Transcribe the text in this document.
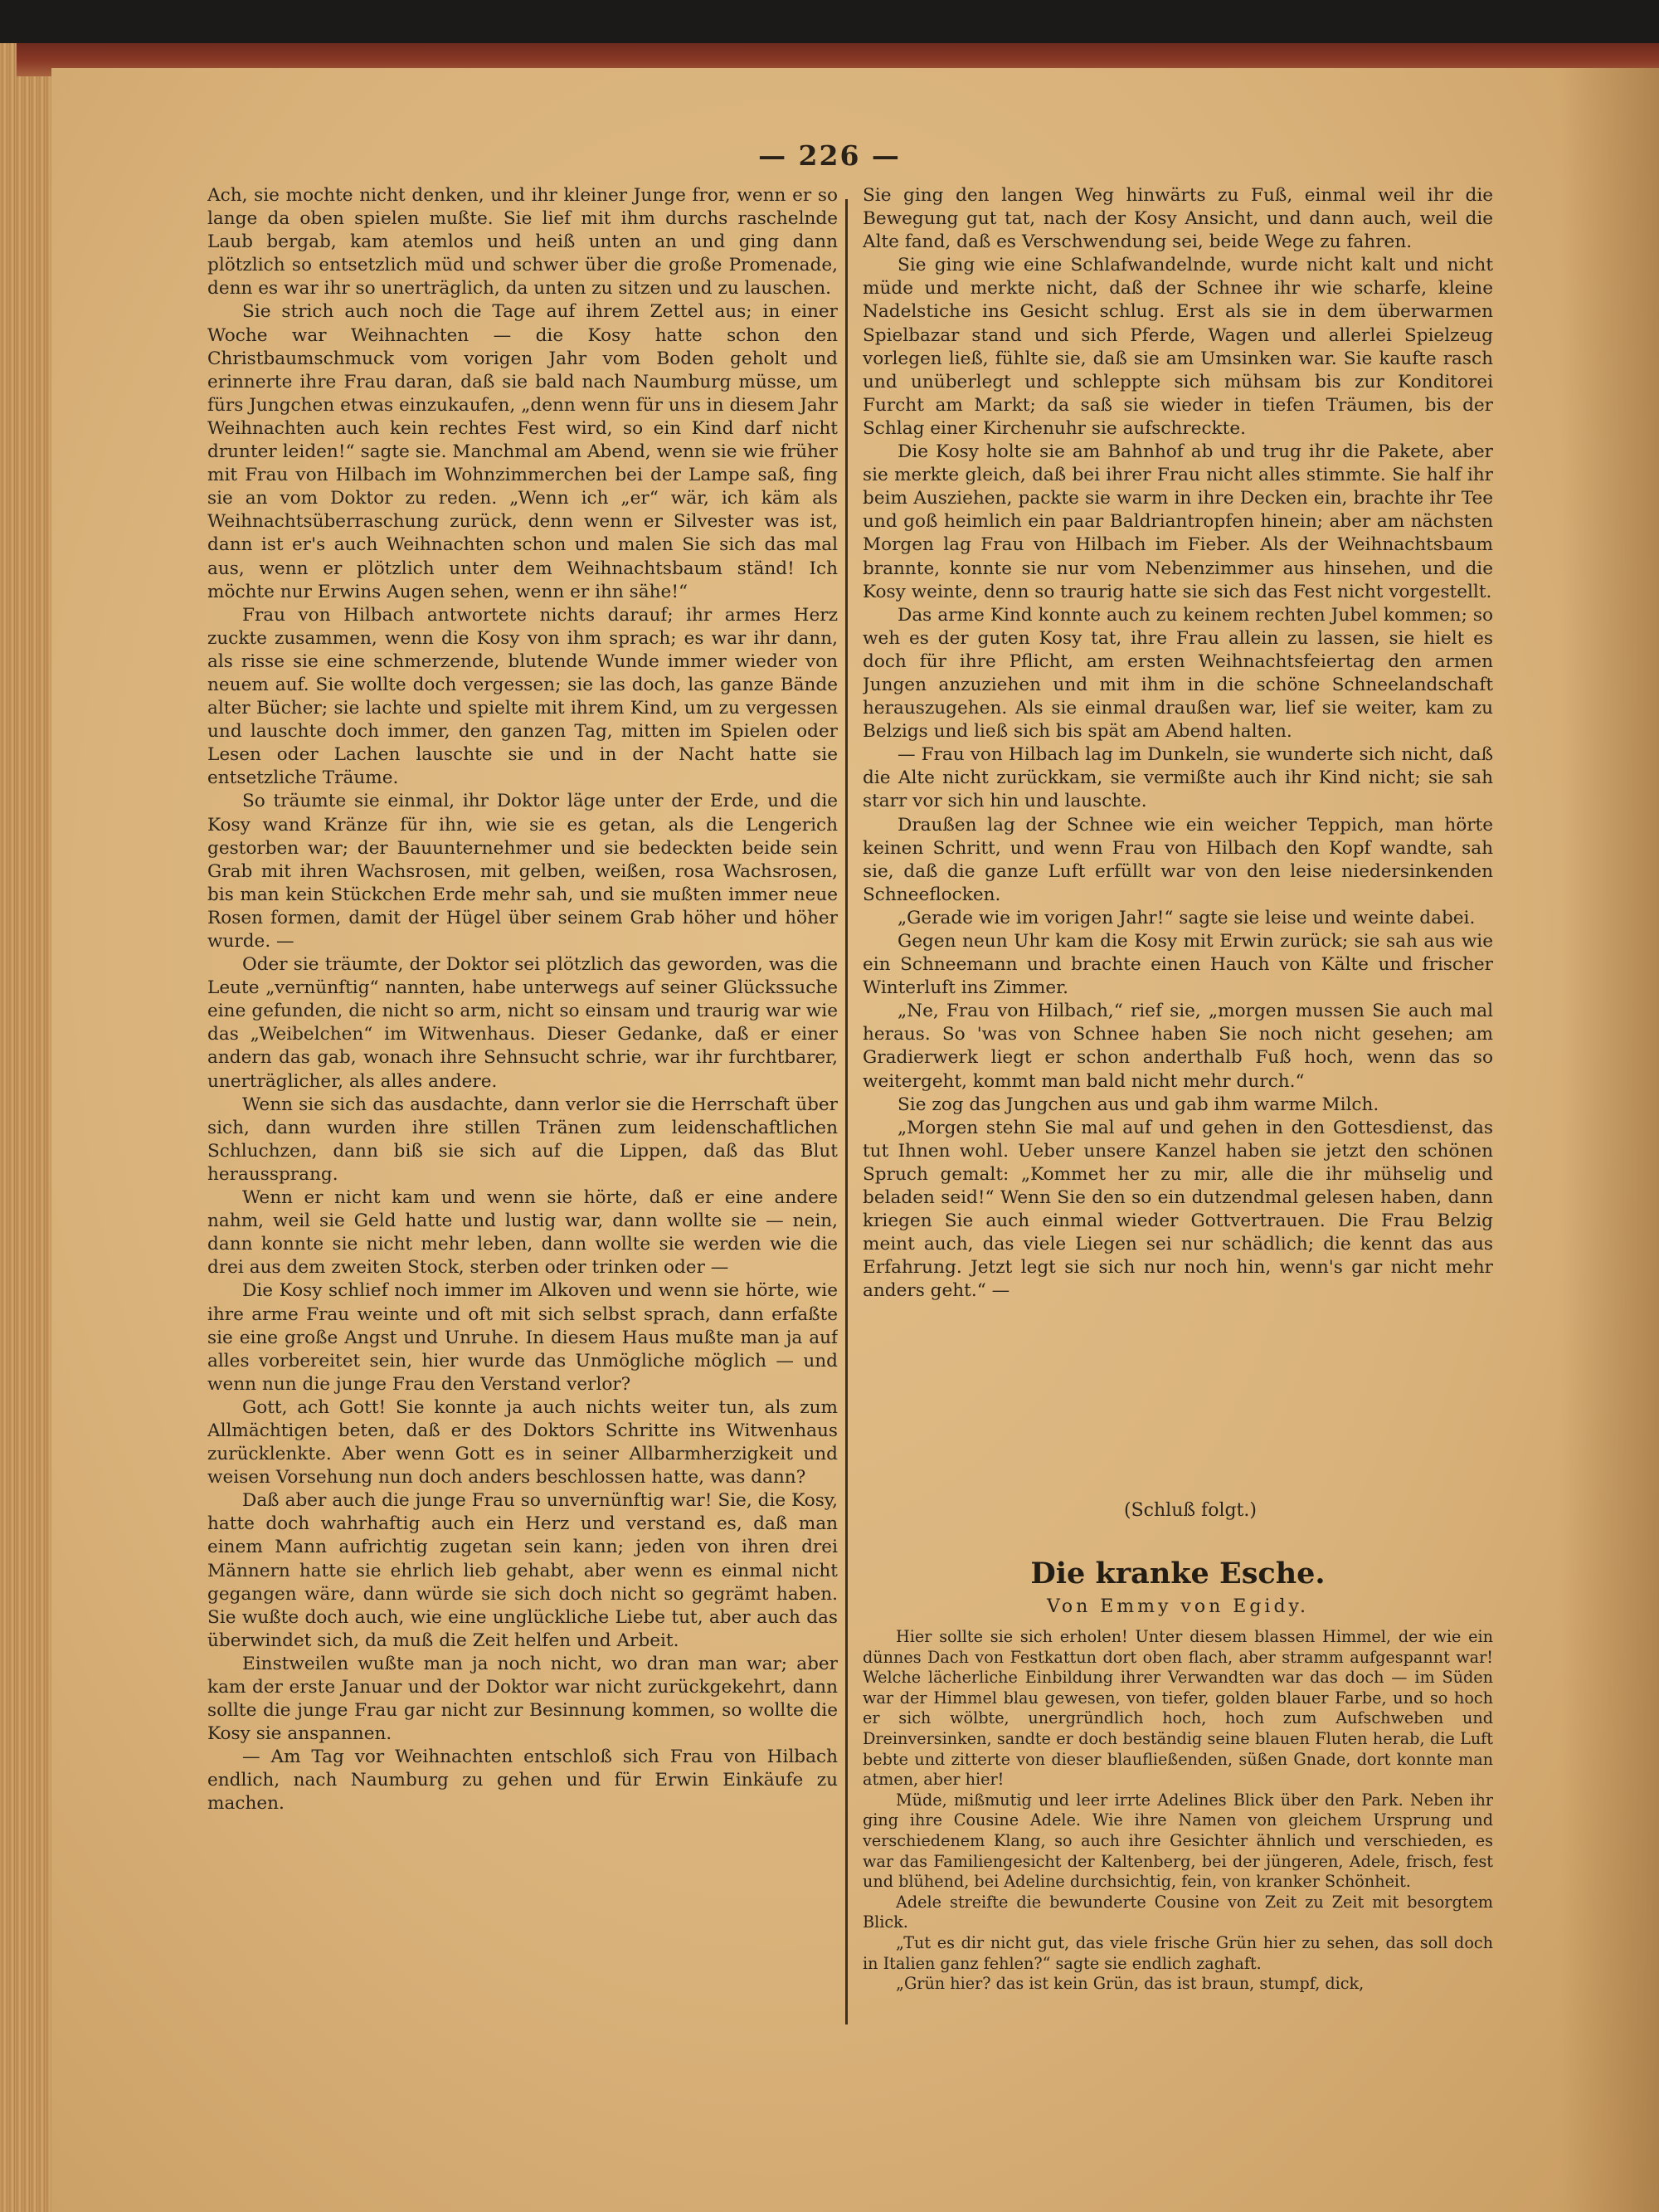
— 226 —

Ach, sie mochte nicht denken, und ihr kleiner Junge fror, wenn er so lange da oben spielen mußte. Sie lief mit ihm durchs raschelnde Laub bergab, kam atemlos und heiß unten an und ging dann plötzlich so entsetzlich müd und schwer über die große Promenade, denn es war ihr so unerträglich, da unten zu sitzen und zu lauschen.

Sie strich auch noch die Tage auf ihrem Zettel aus; in einer Woche war Weihnachten — die Kosy hatte schon den Christbaumschmuck vom vorigen Jahr vom Boden geholt und erinnerte ihre Frau daran, daß sie bald nach Naumburg müsse, um fürs Jungchen etwas einzukaufen, „denn wenn für uns in diesem Jahr Weihnachten auch kein rechtes Fest wird, so ein Kind darf nicht drunter leiden!“ sagte sie. Manchmal am Abend, wenn sie wie früher mit Frau von Hilbach im Wohnzimmerchen bei der Lampe saß, fing sie an vom Doktor zu reden. „Wenn ich „er“ wär, ich käm als Weihnachtsüberraschung zurück, denn wenn er Silvester was ist, dann ist er's auch Weihnachten schon und malen Sie sich das mal aus, wenn er plötzlich unter dem Weihnachtsbaum ständ! Ich möchte nur Erwins Augen sehen, wenn er ihn sähe!“

Frau von Hilbach antwortete nichts darauf; ihr armes Herz zuckte zusammen, wenn die Kosy von ihm sprach; es war ihr dann, als risse sie eine schmerzende, blutende Wunde immer wieder von neuem auf. Sie wollte doch vergessen; sie las doch, las ganze Bände alter Bücher; sie lachte und spielte mit ihrem Kind, um zu vergessen und lauschte doch immer, den ganzen Tag, mitten im Spielen oder Lesen oder Lachen lauschte sie und in der Nacht hatte sie entsetzliche Träume.

So träumte sie einmal, ihr Doktor läge unter der Erde, und die Kosy wand Kränze für ihn, wie sie es getan, als die Lengerich gestorben war; der Bauunternehmer und sie bedeckten beide sein Grab mit ihren Wachsrosen, mit gelben, weißen, rosa Wachsrosen, bis man kein Stückchen Erde mehr sah, und sie mußten immer neue Rosen formen, damit der Hügel über seinem Grab höher und höher wurde. —

Oder sie träumte, der Doktor sei plötzlich das geworden, was die Leute „vernünftig“ nannten, habe unterwegs auf seiner Glückssuche eine gefunden, die nicht so arm, nicht so einsam und traurig war wie das „Weibelchen“ im Witwenhaus. Dieser Gedanke, daß er einer andern das gab, wonach ihre Sehnsucht schrie, war ihr furchtbarer, unerträglicher, als alles andere.

Wenn sie sich das ausdachte, dann verlor sie die Herrschaft über sich, dann wurden ihre stillen Tränen zum leidenschaftlichen Schluchzen, dann biß sie sich auf die Lippen, daß das Blut heraussprang.

Wenn er nicht kam und wenn sie hörte, daß er eine andere nahm, weil sie Geld hatte und lustig war, dann wollte sie — nein, dann konnte sie nicht mehr leben, dann wollte sie werden wie die drei aus dem zweiten Stock, sterben oder trinken oder —

Die Kosy schlief noch immer im Alkoven und wenn sie hörte, wie ihre arme Frau weinte und oft mit sich selbst sprach, dann erfaßte sie eine große Angst und Unruhe. In diesem Haus mußte man ja auf alles vorbereitet sein, hier wurde das Unmögliche möglich — und wenn nun die junge Frau den Verstand verlor?

Gott, ach Gott! Sie konnte ja auch nichts weiter tun, als zum Allmächtigen beten, daß er des Doktors Schritte ins Witwenhaus zurücklenkte. Aber wenn Gott es in seiner Allbarmherzigkeit und weisen Vorsehung nun doch anders beschlossen hatte, was dann?

Daß aber auch die junge Frau so unvernünftig war! Sie, die Kosy, hatte doch wahrhaftig auch ein Herz und verstand es, daß man einem Mann aufrichtig zugetan sein kann; jeden von ihren drei Männern hatte sie ehrlich lieb gehabt, aber wenn es einmal nicht gegangen wäre, dann würde sie sich doch nicht so gegrämt haben. Sie wußte doch auch, wie eine unglückliche Liebe tut, aber auch das überwindet sich, da muß die Zeit helfen und Arbeit.

Einstweilen wußte man ja noch nicht, wo dran man war; aber kam der erste Januar und der Doktor war nicht zurückgekehrt, dann sollte die junge Frau gar nicht zur Besinnung kommen, so wollte die Kosy sie anspannen.

— Am Tag vor Weihnachten entschloß sich Frau von Hilbach endlich, nach Naumburg zu gehen und für Erwin Einkäufe zu machen.

Sie ging den langen Weg hinwärts zu Fuß, einmal weil ihr die Bewegung gut tat, nach der Kosy Ansicht, und dann auch, weil die Alte fand, daß es Verschwendung sei, beide Wege zu fahren.

Sie ging wie eine Schlafwandelnde, wurde nicht kalt und nicht müde und merkte nicht, daß der Schnee ihr wie scharfe, kleine Nadelstiche ins Gesicht schlug. Erst als sie in dem überwarmen Spielbazar stand und sich Pferde, Wagen und allerlei Spielzeug vorlegen ließ, fühlte sie, daß sie am Umsinken war. Sie kaufte rasch und unüberlegt und schleppte sich mühsam bis zur Konditorei Furcht am Markt; da saß sie wieder in tiefen Träumen, bis der Schlag einer Kirchenuhr sie aufschreckte.

Die Kosy holte sie am Bahnhof ab und trug ihr die Pakete, aber sie merkte gleich, daß bei ihrer Frau nicht alles stimmte. Sie half ihr beim Ausziehen, packte sie warm in ihre Decken ein, brachte ihr Tee und goß heimlich ein paar Baldriantropfen hinein; aber am nächsten Morgen lag Frau von Hilbach im Fieber. Als der Weihnachtsbaum brannte, konnte sie nur vom Nebenzimmer aus hinsehen, und die Kosy weinte, denn so traurig hatte sie sich das Fest nicht vorgestellt.

Das arme Kind konnte auch zu keinem rechten Jubel kommen; so weh es der guten Kosy tat, ihre Frau allein zu lassen, sie hielt es doch für ihre Pflicht, am ersten Weihnachtsfeiertag den armen Jungen anzuziehen und mit ihm in die schöne Schneelandschaft herauszugehen. Als sie einmal draußen war, lief sie weiter, kam zu Belzigs und ließ sich bis spät am Abend halten.

— Frau von Hilbach lag im Dunkeln, sie wunderte sich nicht, daß die Alte nicht zurückkam, sie vermißte auch ihr Kind nicht; sie sah starr vor sich hin und lauschte.

Draußen lag der Schnee wie ein weicher Teppich, man hörte keinen Schritt, und wenn Frau von Hilbach den Kopf wandte, sah sie, daß die ganze Luft erfüllt war von den leise niedersinkenden Schneeflocken.

„Gerade wie im vorigen Jahr!“ sagte sie leise und weinte dabei.

Gegen neun Uhr kam die Kosy mit Erwin zurück; sie sah aus wie ein Schneemann und brachte einen Hauch von Kälte und frischer Winterluft ins Zimmer.

„Ne, Frau von Hilbach,“ rief sie, „morgen mussen Sie auch mal heraus. So 'was von Schnee haben Sie noch nicht gesehen; am Gradierwerk liegt er schon anderthalb Fuß hoch, wenn das so weitergeht, kommt man bald nicht mehr durch.“

Sie zog das Jungchen aus und gab ihm warme Milch.

„Morgen stehn Sie mal auf und gehen in den Gottesdienst, das tut Ihnen wohl. Ueber unsere Kanzel haben sie jetzt den schönen Spruch gemalt: „Kommet her zu mir, alle die ihr mühselig und beladen seid!“ Wenn Sie den so ein dutzendmal gelesen haben, dann kriegen Sie auch einmal wieder Gottvertrauen. Die Frau Belzig meint auch, das viele Liegen sei nur schädlich; die kennt das aus Erfahrung. Jetzt legt sie sich nur noch hin, wenn's gar nicht mehr anders geht.“ —

(Schluß folgt.)
Die kranke Esche.
Von Emmy von Egidy.

Hier sollte sie sich erholen! Unter diesem blassen Himmel, der wie ein dünnes Dach von Festkattun dort oben flach, aber stramm aufgespannt war! Welche lächerliche Einbildung ihrer Verwandten war das doch — im Süden war der Himmel blau gewesen, von tiefer, golden blauer Farbe, und so hoch er sich wölbte, unergründlich hoch, hoch zum Aufschweben und Dreinversinken, sandte er doch beständig seine blauen Fluten herab, die Luft bebte und zitterte von dieser blaufließenden, süßen Gnade, dort konnte man atmen, aber hier!

Müde, mißmutig und leer irrte Adelines Blick über den Park. Neben ihr ging ihre Cousine Adele. Wie ihre Namen von gleichem Ursprung und verschiedenem Klang, so auch ihre Gesichter ähnlich und verschieden, es war das Familiengesicht der Kaltenberg, bei der jüngeren, Adele, frisch, fest und blühend, bei Adeline durchsichtig, fein, von kranker Schönheit.

Adele streifte die bewunderte Cousine von Zeit zu Zeit mit besorgtem Blick.

„Tut es dir nicht gut, das viele frische Grün hier zu sehen, das soll doch in Italien ganz fehlen?“ sagte sie endlich zaghaft.

„Grün hier? das ist kein Grün, das ist braun, stumpf, dick,
